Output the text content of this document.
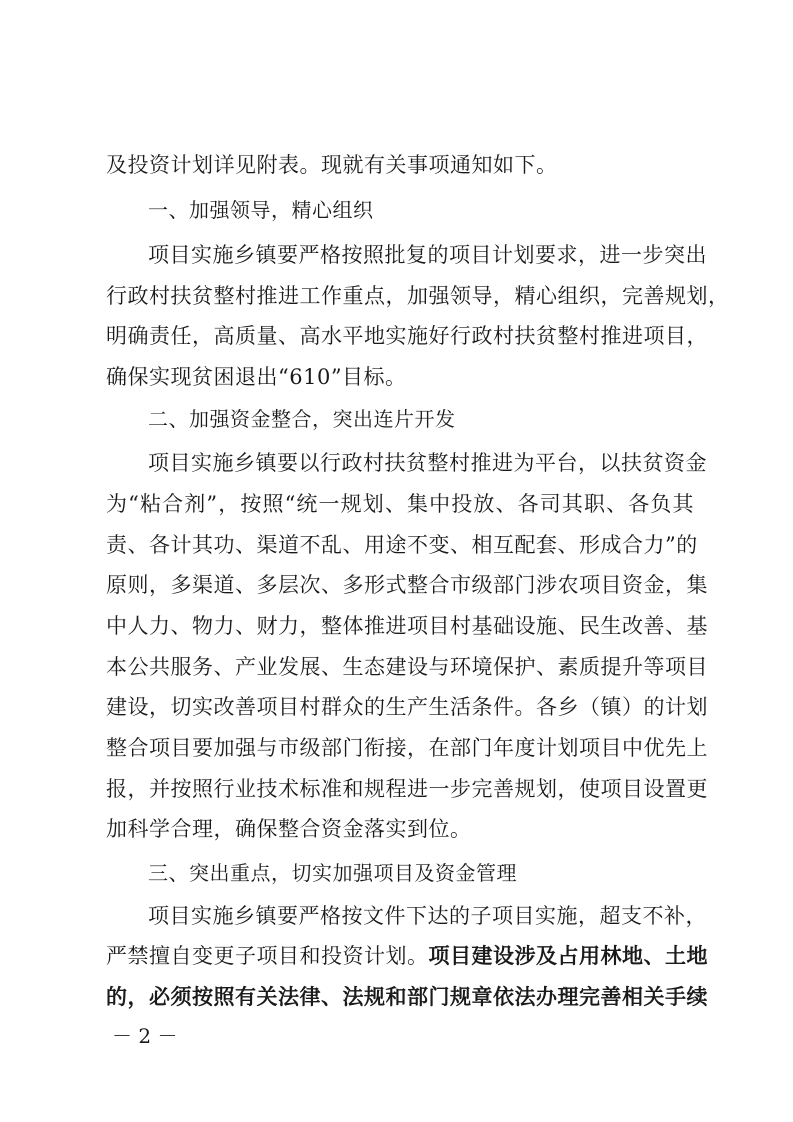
及投资计划详见附表。现就有关事项通知如下。
一、加强领导，精心组织
项目实施乡镇要严格按照批复的项目计划要求，进一步突出
行政村扶贫整村推进工作重点，加强领导，精心组织，完善规划，
明确责任，高质量、高水平地实施好行政村扶贫整村推进项目，
确保实现贫困退出“610”目标。
二、加强资金整合，突出连片开发
项目实施乡镇要以行政村扶贫整村推进为平台，以扶贫资金
为“粘合剂”，按照“统一规划、集中投放、各司其职、各负其
责、各计其功、渠道不乱、用途不变、相互配套、形成合力”的
原则，多渠道、多层次、多形式整合市级部门涉农项目资金，集
中人力、物力、财力，整体推进项目村基础设施、民生改善、基
本公共服务、产业发展、生态建设与环境保护、素质提升等项目
建设，切实改善项目村群众的生产生活条件。各乡（镇）的计划
整合项目要加强与市级部门衔接，在部门年度计划项目中优先上
报，并按照行业技术标准和规程进一步完善规划，使项目设置更
加科学合理，确保整合资金落实到位。
三、突出重点，切实加强项目及资金管理
项目实施乡镇要严格按文件下达的子项目实施，超支不补，
严禁擅自变更子项目和投资计划。项目建设涉及占用林地、土地
的，必须按照有关法律、法规和部门规章依法办理完善相关手续
－ 2 －
